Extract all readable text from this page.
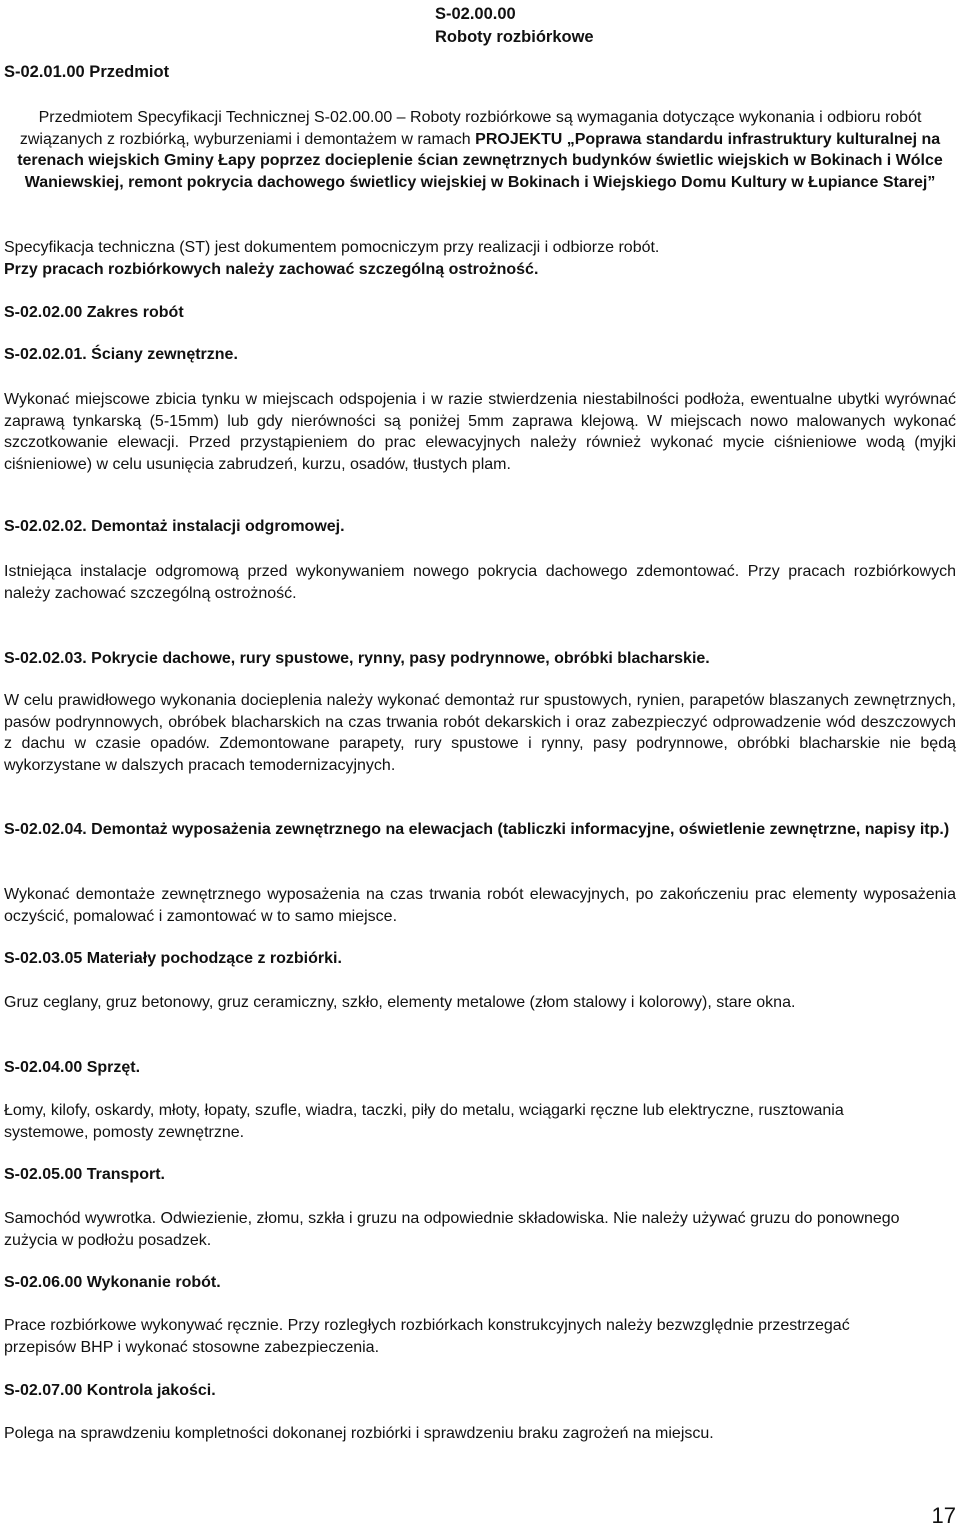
S-02.00.00
Roboty rozbiórkowe
S-02.01.00 Przedmiot
Przedmiotem Specyfikacji Technicznej S-02.00.00 – Roboty rozbiórkowe są wymagania dotyczące wykonania i odbioru robót związanych z rozbiórką, wyburzeniami i demontażem w ramach PROJEKTU „Poprawa standardu infrastruktury kulturalnej na terenach wiejskich Gminy Łapy poprzez docieplenie ścian zewnętrznych budynków świetlic wiejskich w Bokinach i Wólce Waniewskiej, remont pokrycia dachowego świetlicy wiejskiej w Bokinach i Wiejskiego Domu Kultury w Łupiance Starej”
Specyfikacja techniczna (ST) jest dokumentem pomocniczym przy realizacji i odbiorze robót.
Przy pracach rozbiórkowych należy zachować szczególną ostrożność.
S-02.02.00 Zakres robót
S-02.02.01. Ściany zewnętrzne.
Wykonać miejscowe zbicia tynku w miejscach odspojenia i w razie stwierdzenia niestabilności podłoża, ewentualne ubytki wyrównać zaprawą tynkarską (5-15mm) lub gdy nierówności są poniżej 5mm zaprawa klejową. W miejscach nowo malowanych wykonać szczotkowanie elewacji. Przed przystąpieniem do prac elewacyjnych należy również wykonać mycie ciśnieniowe wodą (myjki ciśnieniowe) w celu usunięcia zabrudzeń, kurzu, osadów, tłustych plam.
S-02.02.02. Demontaż instalacji odgromowej.
Istniejąca instalacje odgromową przed wykonywaniem nowego pokrycia dachowego zdemontować. Przy pracach rozbiórkowych należy zachować szczególną ostrożność.
S-02.02.03. Pokrycie dachowe, rury spustowe, rynny, pasy podrynnowe, obróbki blacharskie.
W celu prawidłowego wykonania docieplenia należy wykonać demontaż rur spustowych, rynien, parapetów blaszanych zewnętrznych, pasów podrynnowych, obróbek blacharskich na czas trwania robót dekarskich i oraz zabezpieczyć odprowadzenie wód deszczowych z dachu w czasie opadów. Zdemontowane parapety, rury spustowe i rynny, pasy podrynnowe, obróbki blacharskie nie będą wykorzystane w dalszych pracach temodernizacyjnych.
S-02.02.04. Demontaż wyposażenia zewnętrznego na elewacjach (tabliczki informacyjne, oświetlenie zewnętrzne, napisy itp.)
Wykonać demontaże zewnętrznego wyposażenia na czas trwania robót elewacyjnych, po zakończeniu prac elementy wyposażenia oczyścić, pomalować i zamontować w to samo miejsce.
S-02.03.05 Materiały pochodzące z rozbiórki.
Gruz ceglany, gruz betonowy, gruz ceramiczny, szkło, elementy metalowe (złom stalowy i kolorowy), stare okna.
S-02.04.00 Sprzęt.
Łomy, kilofy, oskardy, młoty, łopaty, szufle, wiadra, taczki, piły do metalu, wciągarki ręczne lub elektryczne, rusztowania systemowe, pomosty zewnętrzne.
S-02.05.00 Transport.
Samochód wywrotka. Odwiezienie, złomu, szkła i gruzu na odpowiednie składowiska. Nie należy używać gruzu do ponownego zużycia w podłożu posadzek.
S-02.06.00 Wykonanie robót.
Prace rozbiórkowe wykonywać ręcznie. Przy rozległych rozbiórkach konstrukcyjnych należy bezwzględnie przestrzegać przepisów BHP i wykonać stosowne zabezpieczenia.
S-02.07.00 Kontrola jakości.
Polega na sprawdzeniu kompletności dokonanej rozbiórki i sprawdzeniu braku zagrożeń na miejscu.
17
